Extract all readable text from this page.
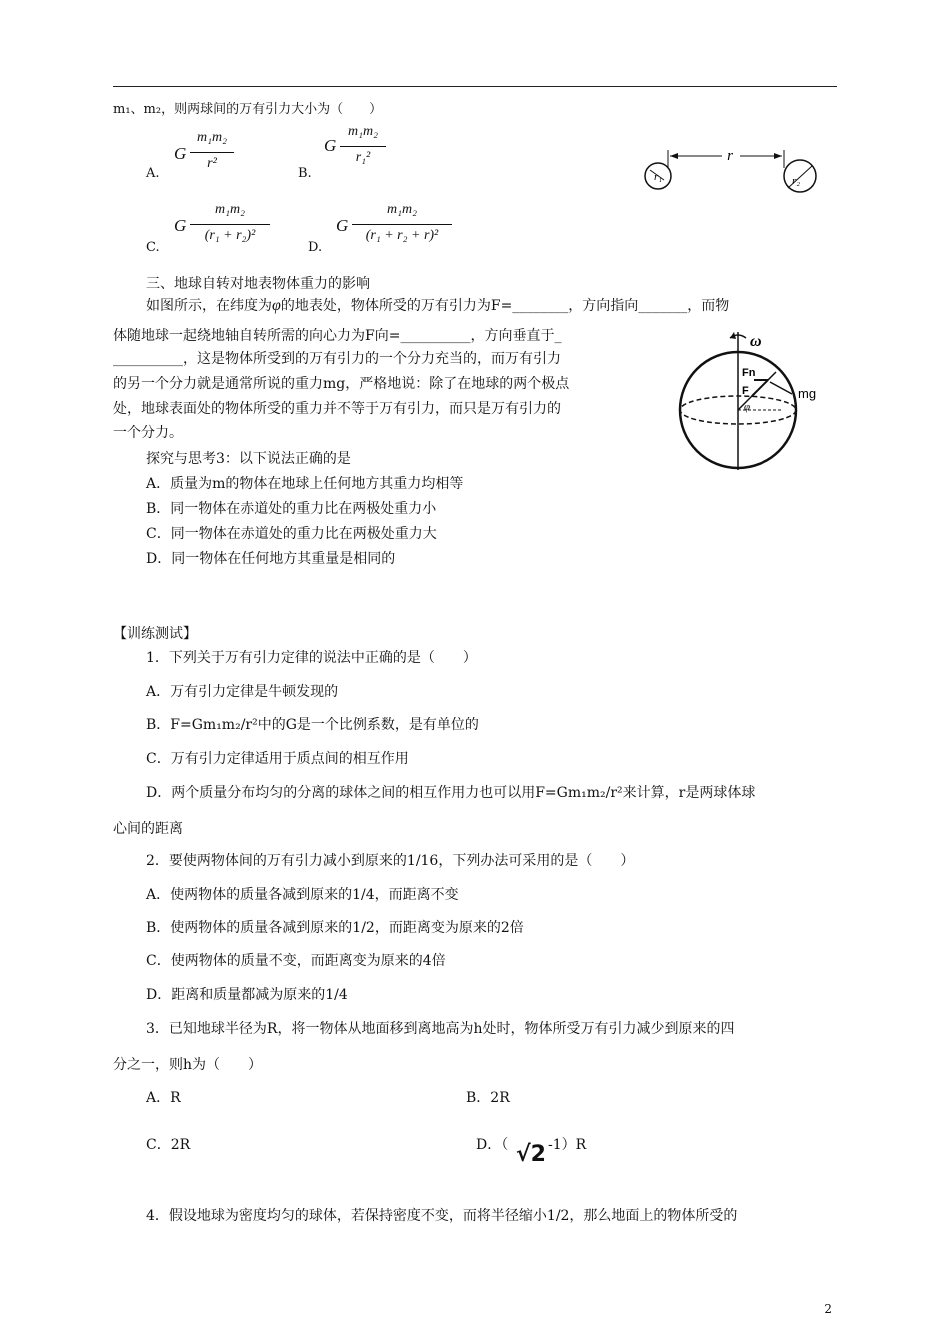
m₁、m₂，则两球间的万有引力大小为（　　）
A.
G
m₁m₂
r²
B.
G
m₁m₂
r₁²
C.
G
m₁m₂
(r₁ + r₂)²
D.
G
m₁m₂
(r₁ + r₂ + r)²
r
r₁	r₂
三、地球自转对地表物体重力的影响
如图所示，在纬度为φ的地表处，物体所受的万有引力为F=________，方向指向_______，而物
体随地球一起绕地轴自转所需的向心力为F向=__________，方向垂直于_
__________，这是物体所受到的万有引力的一个分力充当的，而万有引力
的另一个分力就是通常所说的重力mg，严格地说：除了在地球的两个极点
处，地球表面处的物体所受的重力并不等于万有引力，而只是万有引力的
一个分力。
探究与思考3：以下说法正确的是
A．质量为m的物体在地球上任何地方其重力均相等
B．同一物体在赤道处的重力比在两极处重力小
C．同一物体在赤道处的重力比在两极处重力大
D．同一物体在任何地方其重量是相同的
ω
Fn
F	mg
φ
【训练测试】
1．下列关于万有引力定律的说法中正确的是（　　）
A．万有引力定律是牛顿发现的
B．F=Gm₁m₂/r²中的G是一个比例系数，是有单位的
C．万有引力定律适用于质点间的相互作用
D．两个质量分布均匀的分离的球体之间的相互作用力也可以用F=Gm₁m₂/r²来计算，r是两球体球
心间的距离
2．要使两物体间的万有引力减小到原来的1/16，下列办法可采用的是（　　）
A．使两物体的质量各减到原来的1/4，而距离不变
B．使两物体的质量各减到原来的1/2，而距离变为原来的2倍
C．使两物体的质量不变，而距离变为原来的4倍
D．距离和质量都减为原来的1/4
3．已知地球半径为R，将一物体从地面移到离地高为h处时，物体所受万有引力减少到原来的四
分之一，则h为（　　）
A．R	B．2R
C．2R	D．（ √2 -1）R
4．假设地球为密度均匀的球体，若保持密度不变，而将半径缩小1/2，那么地面上的物体所受的
2
